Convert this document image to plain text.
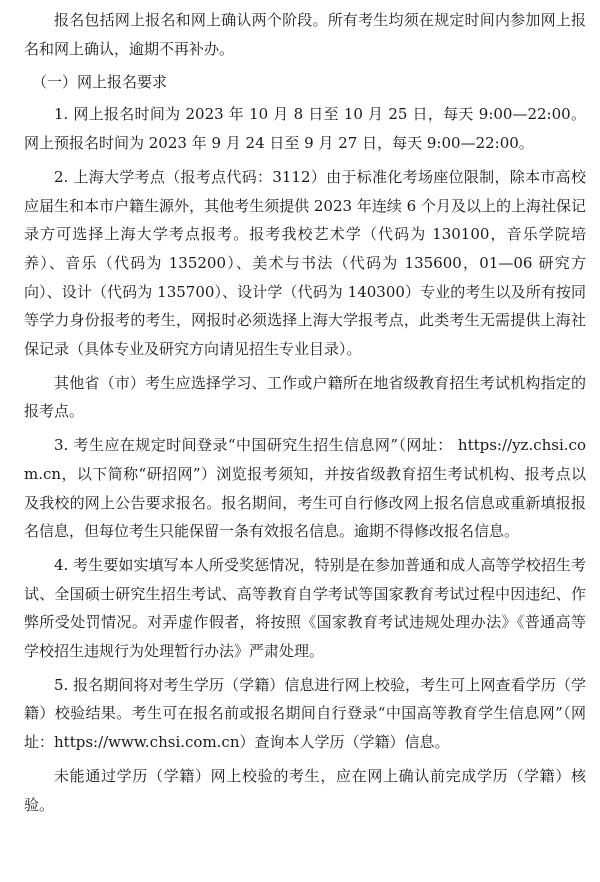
报名包括网上报名和网上确认两个阶段。所有考生均须在规定时间内参加网上报名和网上确认，逾期不再补办。

（一）网上报名要求

1. 网上报名时间为 2023 年 10 月 8 日至 10 月 25 日，每天 9:00—22:00。网上预报名时间为 2023 年 9 月 24 日至 9 月 27 日，每天 9:00—22:00。

2. 上海大学考点（报考点代码：3112）由于标准化考场座位限制，除本市高校应届生和本市户籍生源外，其他考生须提供 2023 年连续 6 个月及以上的上海社保记录方可选择上海大学考点报考。报考我校艺术学（代码为 130100，音乐学院培养）、音乐（代码为 135200）、美术与书法（代码为 135600，01—06 研究方向）、设计（代码为 135700）、设计学（代码为 140300）专业的考生以及所有按同等学力身份报考的考生，网报时必须选择上海大学报考点，此类考生无需提供上海社保记录（具体专业及研究方向请见招生专业目录）。

其他省（市）考生应选择学习、工作或户籍所在地省级教育招生考试机构指定的报考点。

3. 考生应在规定时间登录“中国研究生招生信息网”（网址： https://yz.chsi.com.cn，以下简称“研招网”）浏览报考须知，并按省级教育招生考试机构、报考点以及我校的网上公告要求报名。报名期间，考生可自行修改网上报名信息或重新填报报名信息，但每位考生只能保留一条有效报名信息。逾期不得修改报名信息。

4. 考生要如实填写本人所受奖惩情况，特别是在参加普通和成人高等学校招生考试、全国硕士研究生招生考试、高等教育自学考试等国家教育考试过程中因违纪、作弊所受处罚情况。对弄虚作假者，将按照《国家教育考试违规处理办法》《普通高等学校招生违规行为处理暂行办法》严肃处理。

5. 报名期间将对考生学历（学籍）信息进行网上校验，考生可上网查看学历（学籍）校验结果。考生可在报名前或报名期间自行登录“中国高等教育学生信息网”（网址：https://www.chsi.com.cn）查询本人学历（学籍）信息。

未能通过学历（学籍）网上校验的考生，应在网上确认前完成学历（学籍）核验。
